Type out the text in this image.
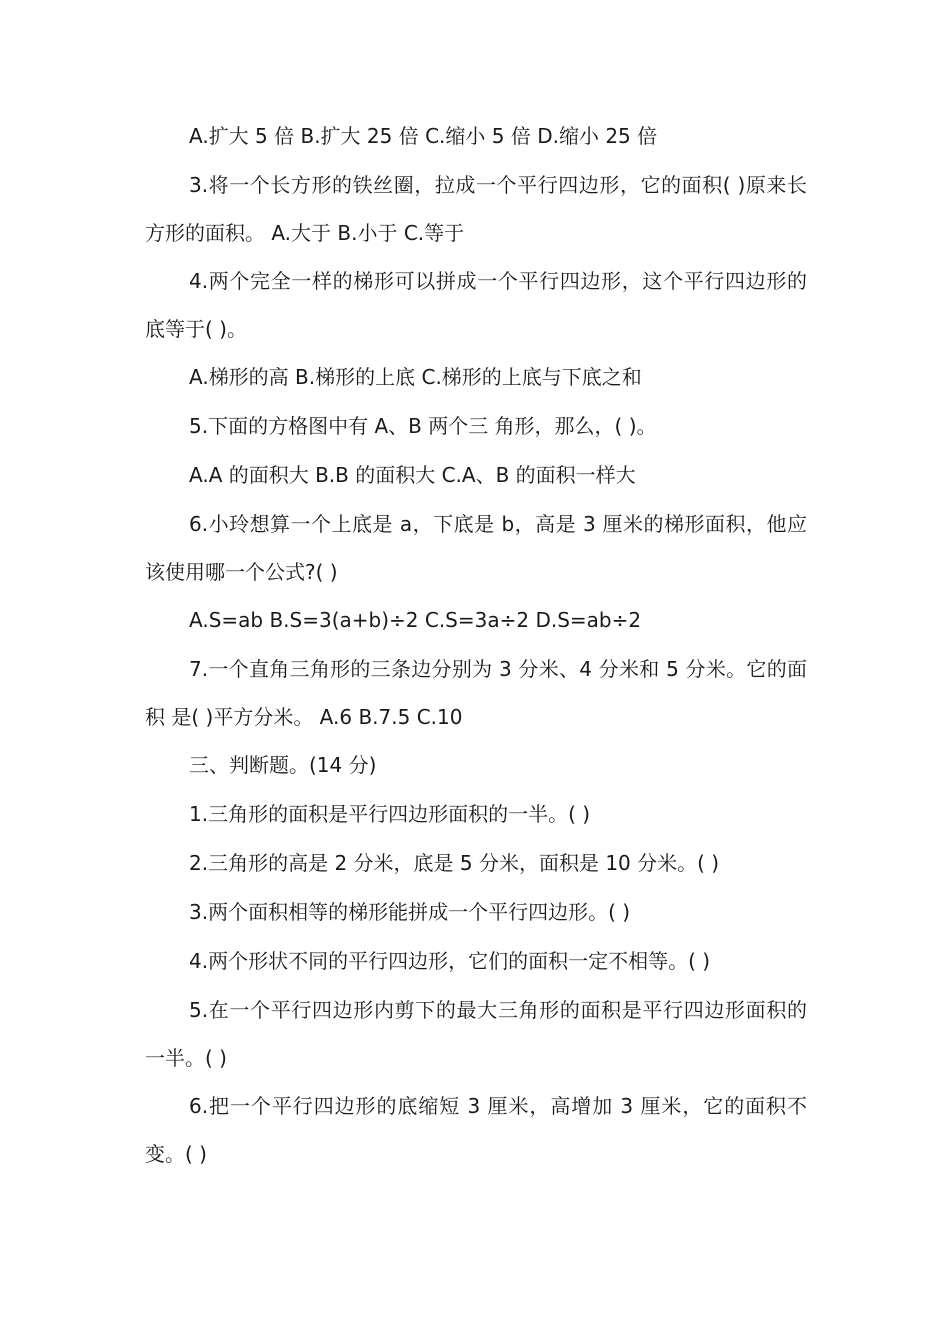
A.扩大 5 倍 B.扩大 25 倍 C.缩小 5 倍 D.缩小 25 倍

3.将一个长方形的铁丝圈，拉成一个平行四边形，它的面积( )原来长方形的面积。 A.大于 B.小于 C.等于

4.两个完全一样的梯形可以拼成一个平行四边形，这个平行四边形的 底等于( )。

A.梯形的高 B.梯形的上底 C.梯形的上底与下底之和

5.下面的方格图中有 A、B 两个三 角形，那么，( )。

A.A 的面积大 B.B 的面积大 C.A、B 的面积一样大

6.小玲想算一个上底是 a，下底是 b，高是 3 厘米的梯形面积，他应该使用哪一个公式?( )

A.S=ab B.S=3(a+b)÷2 C.S=3a÷2 D.S=ab÷2

7.一个直角三角形的三条边分别为 3 分米、4 分米和 5 分米。它的面积 是( )平方分米。 A.6 B.7.5 C.10

三、判断题。(14 分)

1.三角形的面积是平行四边形面积的一半。( )

2.三角形的高是 2 分米，底是 5 分米，面积是 10 分米。( )

3.两个面积相等的梯形能拼成一个平行四边形。( )

4.两个形状不同的平行四边形，它们的面积一定不相等。( )

5.在一个平行四边形内剪下的最大三角形的面积是平行四边形面积的一半。( )

6.把一个平行四边形的底缩短 3 厘米，高增加 3 厘米，它的面积不变。( )
